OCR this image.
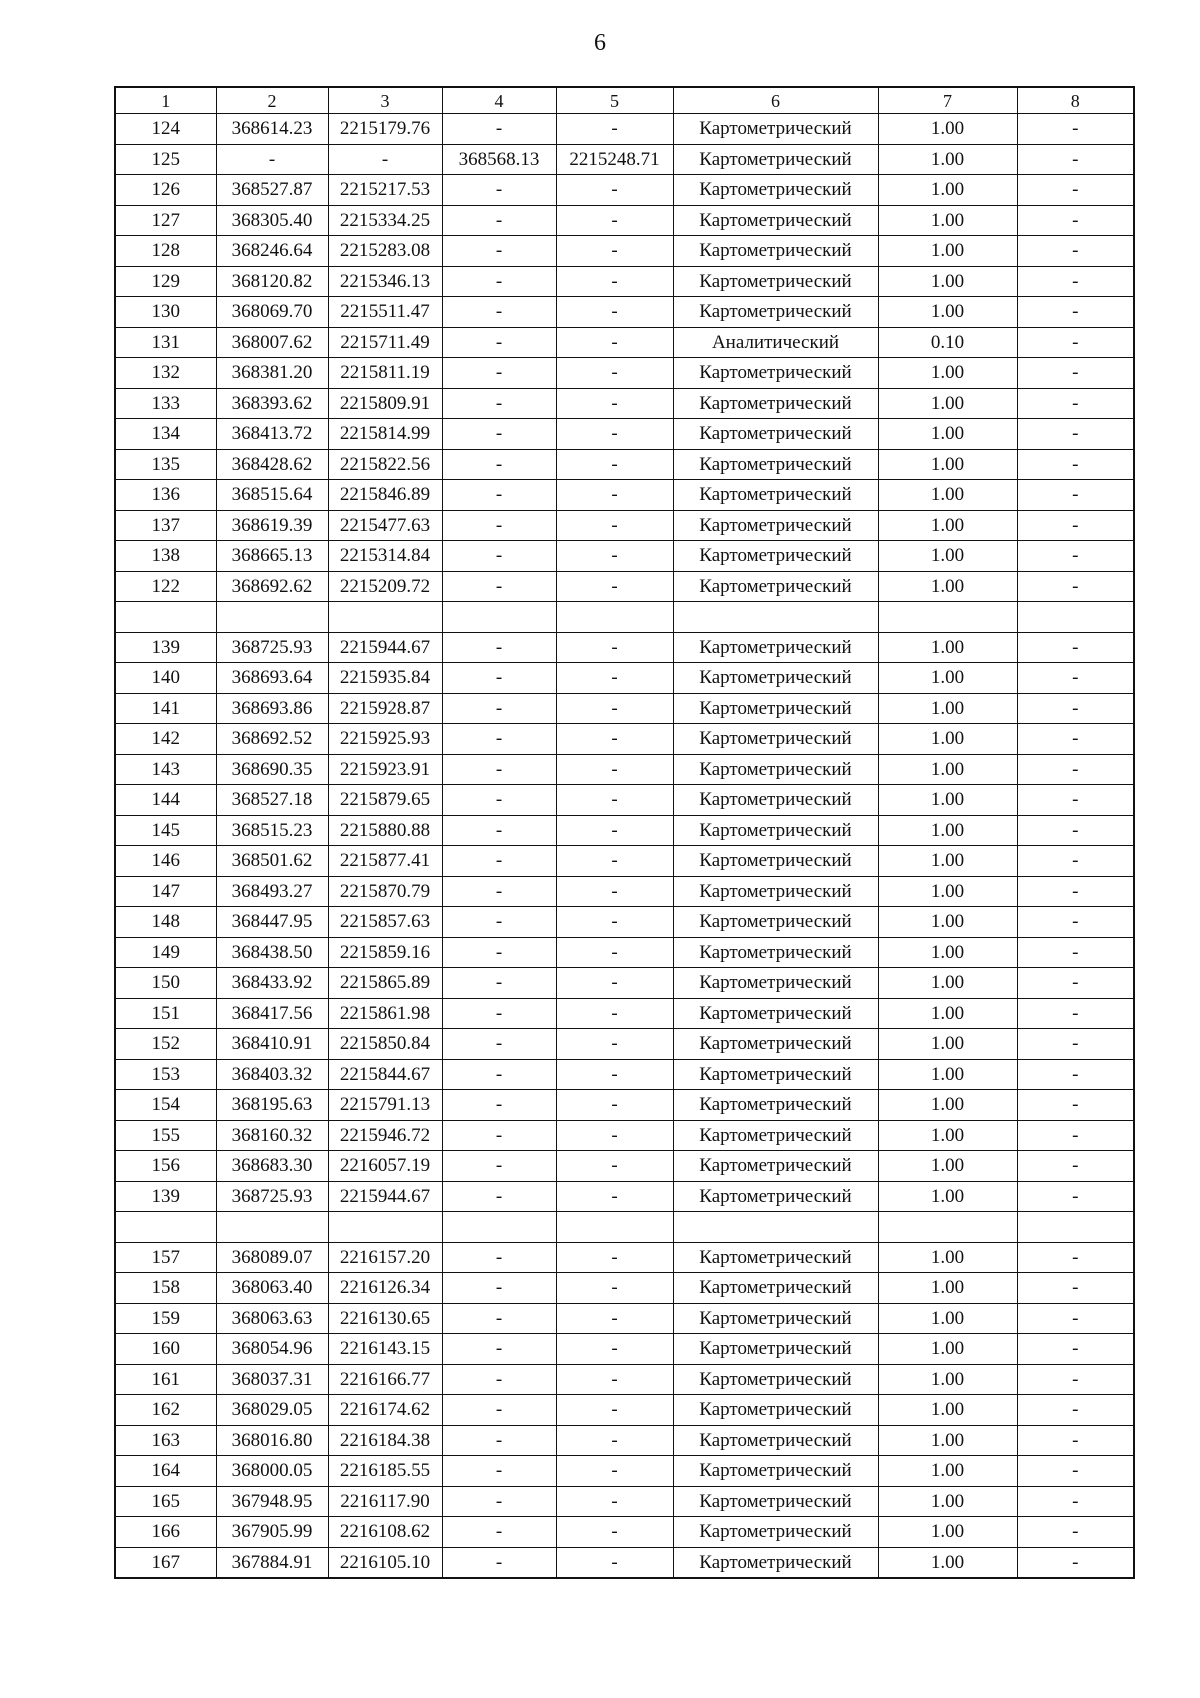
6
1	2	3	4	5	6	7	8
124	368614.23	2215179.76	-	-	Картометрический	1.00	-
125	-	-	368568.13	2215248.71	Картометрический	1.00	-
126	368527.87	2215217.53	-	-	Картометрический	1.00	-
127	368305.40	2215334.25	-	-	Картометрический	1.00	-
128	368246.64	2215283.08	-	-	Картометрический	1.00	-
129	368120.82	2215346.13	-	-	Картометрический	1.00	-
130	368069.70	2215511.47	-	-	Картометрический	1.00	-
131	368007.62	2215711.49	-	-	Аналитический	0.10	-
132	368381.20	2215811.19	-	-	Картометрический	1.00	-
133	368393.62	2215809.91	-	-	Картометрический	1.00	-
134	368413.72	2215814.99	-	-	Картометрический	1.00	-
135	368428.62	2215822.56	-	-	Картометрический	1.00	-
136	368515.64	2215846.89	-	-	Картометрический	1.00	-
137	368619.39	2215477.63	-	-	Картометрический	1.00	-
138	368665.13	2215314.84	-	-	Картометрический	1.00	-
122	368692.62	2215209.72	-	-	Картометрический	1.00	-

139	368725.93	2215944.67	-	-	Картометрический	1.00	-
140	368693.64	2215935.84	-	-	Картометрический	1.00	-
141	368693.86	2215928.87	-	-	Картометрический	1.00	-
142	368692.52	2215925.93	-	-	Картометрический	1.00	-
143	368690.35	2215923.91	-	-	Картометрический	1.00	-
144	368527.18	2215879.65	-	-	Картометрический	1.00	-
145	368515.23	2215880.88	-	-	Картометрический	1.00	-
146	368501.62	2215877.41	-	-	Картометрический	1.00	-
147	368493.27	2215870.79	-	-	Картометрический	1.00	-
148	368447.95	2215857.63	-	-	Картометрический	1.00	-
149	368438.50	2215859.16	-	-	Картометрический	1.00	-
150	368433.92	2215865.89	-	-	Картометрический	1.00	-
151	368417.56	2215861.98	-	-	Картометрический	1.00	-
152	368410.91	2215850.84	-	-	Картометрический	1.00	-
153	368403.32	2215844.67	-	-	Картометрический	1.00	-
154	368195.63	2215791.13	-	-	Картометрический	1.00	-
155	368160.32	2215946.72	-	-	Картометрический	1.00	-
156	368683.30	2216057.19	-	-	Картометрический	1.00	-
139	368725.93	2215944.67	-	-	Картометрический	1.00	-

157	368089.07	2216157.20	-	-	Картометрический	1.00	-
158	368063.40	2216126.34	-	-	Картометрический	1.00	-
159	368063.63	2216130.65	-	-	Картометрический	1.00	-
160	368054.96	2216143.15	-	-	Картометрический	1.00	-
161	368037.31	2216166.77	-	-	Картометрический	1.00	-
162	368029.05	2216174.62	-	-	Картометрический	1.00	-
163	368016.80	2216184.38	-	-	Картометрический	1.00	-
164	368000.05	2216185.55	-	-	Картометрический	1.00	-
165	367948.95	2216117.90	-	-	Картометрический	1.00	-
166	367905.99	2216108.62	-	-	Картометрический	1.00	-
167	367884.91	2216105.10	-	-	Картометрический	1.00	-
